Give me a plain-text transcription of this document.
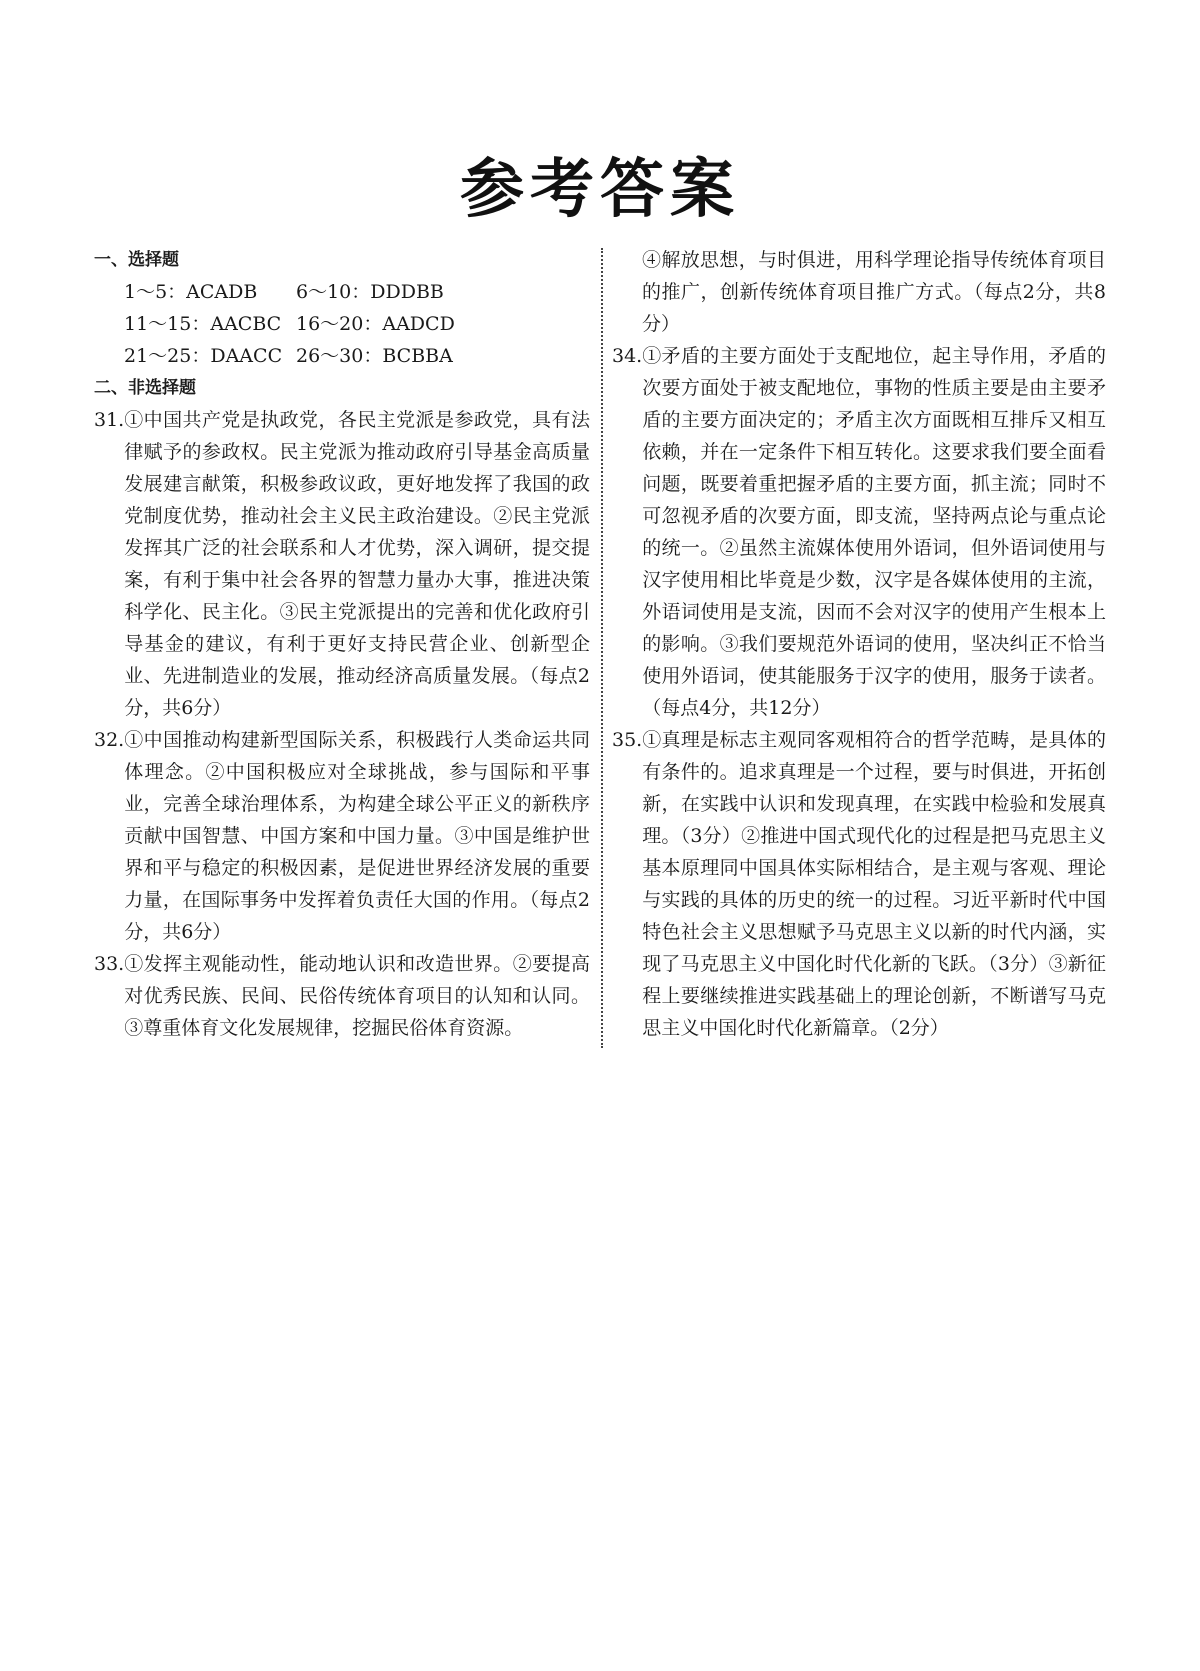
参考答案
一、选择题
1～5：ACADB	6～10：DDDBB
11～15：AACBC 16～20：AADCD
21～25：DAACC 26～30：BCBBA
二、非选择题
31. ①中国共产党是执政党，各民主党派是参政党，具有法律赋予的参政权。民主党派为推动政府引导基金高质量发展建言献策，积极参政议政，更好地发挥了我国的政党制度优势，推动社会主义民主政治建设。②民主党派发挥其广泛的社会联系和人才优势，深入调研，提交提案，有利于集中社会各界的智慧力量办大事，推进决策科学化、民主化。③民主党派提出的完善和优化政府引导基金的建议，有利于更好支持民营企业、创新型企业、先进制造业的发展，推动经济高质量发展。（每点2分，共6分）
32. ①中国推动构建新型国际关系，积极践行人类命运共同体理念。②中国积极应对全球挑战，参与国际和平事业，完善全球治理体系，为构建全球公平正义的新秩序贡献中国智慧、中国方案和中国力量。③中国是维护世界和平与稳定的积极因素，是促进世界经济发展的重要力量，在国际事务中发挥着负责任大国的作用。（每点2分，共6分）
33. ①发挥主观能动性，能动地认识和改造世界。②要提高对优秀民族、民间、民俗传统体育项目的认知和认同。③尊重体育文化发展规律，挖掘民俗体育资源。
④解放思想，与时俱进，用科学理论指导传统体育项目的推广，创新传统体育项目推广方式。（每点2分，共8分）
34. ①矛盾的主要方面处于支配地位，起主导作用，矛盾的次要方面处于被支配地位，事物的性质主要是由主要矛盾的主要方面决定的；矛盾主次方面既相互排斥又相互依赖，并在一定条件下相互转化。这要求我们要全面看问题，既要着重把握矛盾的主要方面，抓主流；同时不可忽视矛盾的次要方面，即支流，坚持两点论与重点论的统一。②虽然主流媒体使用外语词，但外语词使用与汉字使用相比毕竟是少数，汉字是各媒体使用的主流，外语词使用是支流，因而不会对汉字的使用产生根本上的影响。③我们要规范外语词的使用，坚决纠正不恰当使用外语词，使其能服务于汉字的使用，服务于读者。（每点4分，共12分）
35. ①真理是标志主观同客观相符合的哲学范畴，是具体的有条件的。追求真理是一个过程，要与时俱进，开拓创新，在实践中认识和发现真理，在实践中检验和发展真理。（3分）②推进中国式现代化的过程是把马克思主义基本原理同中国具体实际相结合，是主观与客观、理论与实践的具体的历史的统一的过程。习近平新时代中国特色社会主义思想赋予马克思主义以新的时代内涵，实现了马克思主义中国化时代化新的飞跃。（3分）③新征程上要继续推进实践基础上的理论创新，不断谱写马克思主义中国化时代化新篇章。（2分）
